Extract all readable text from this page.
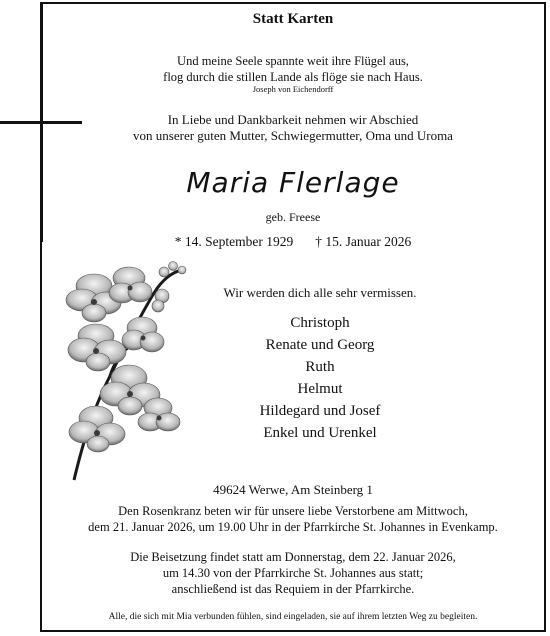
Statt Karten
Und meine Seele spannte weit ihre Flügel aus,
flog durch die stillen Lande als flöge sie nach Haus.
Joseph von Eichendorff
In Liebe und Dankbarkeit nehmen wir Abschied
von unserer guten Mutter, Schwiegermutter, Oma und Uroma
Maria Flerlage
geb. Freese
* 14. September 1929 † 15. Januar 2026
Wir werden dich alle sehr vermissen.
Christoph
Renate und Georg
Ruth
Helmut
Hildegard und Josef
Enkel und Urenkel
49624 Werwe, Am Steinberg 1
Den Rosenkranz beten wir für unsere liebe Verstorbene am Mittwoch,
dem 21. Januar 2026, um 19.00 Uhr in der Pfarrkirche St. Johannes in Evenkamp.
Die Beisetzung findet statt am Donnerstag, dem 22. Januar 2026,
um 14.30 von der Pfarrkirche St. Johannes aus statt;
anschließend ist das Requiem in der Pfarrkirche.
Alle, die sich mit Mia verbunden fühlen, sind eingeladen, sie auf ihrem letzten Weg zu begleiten.
